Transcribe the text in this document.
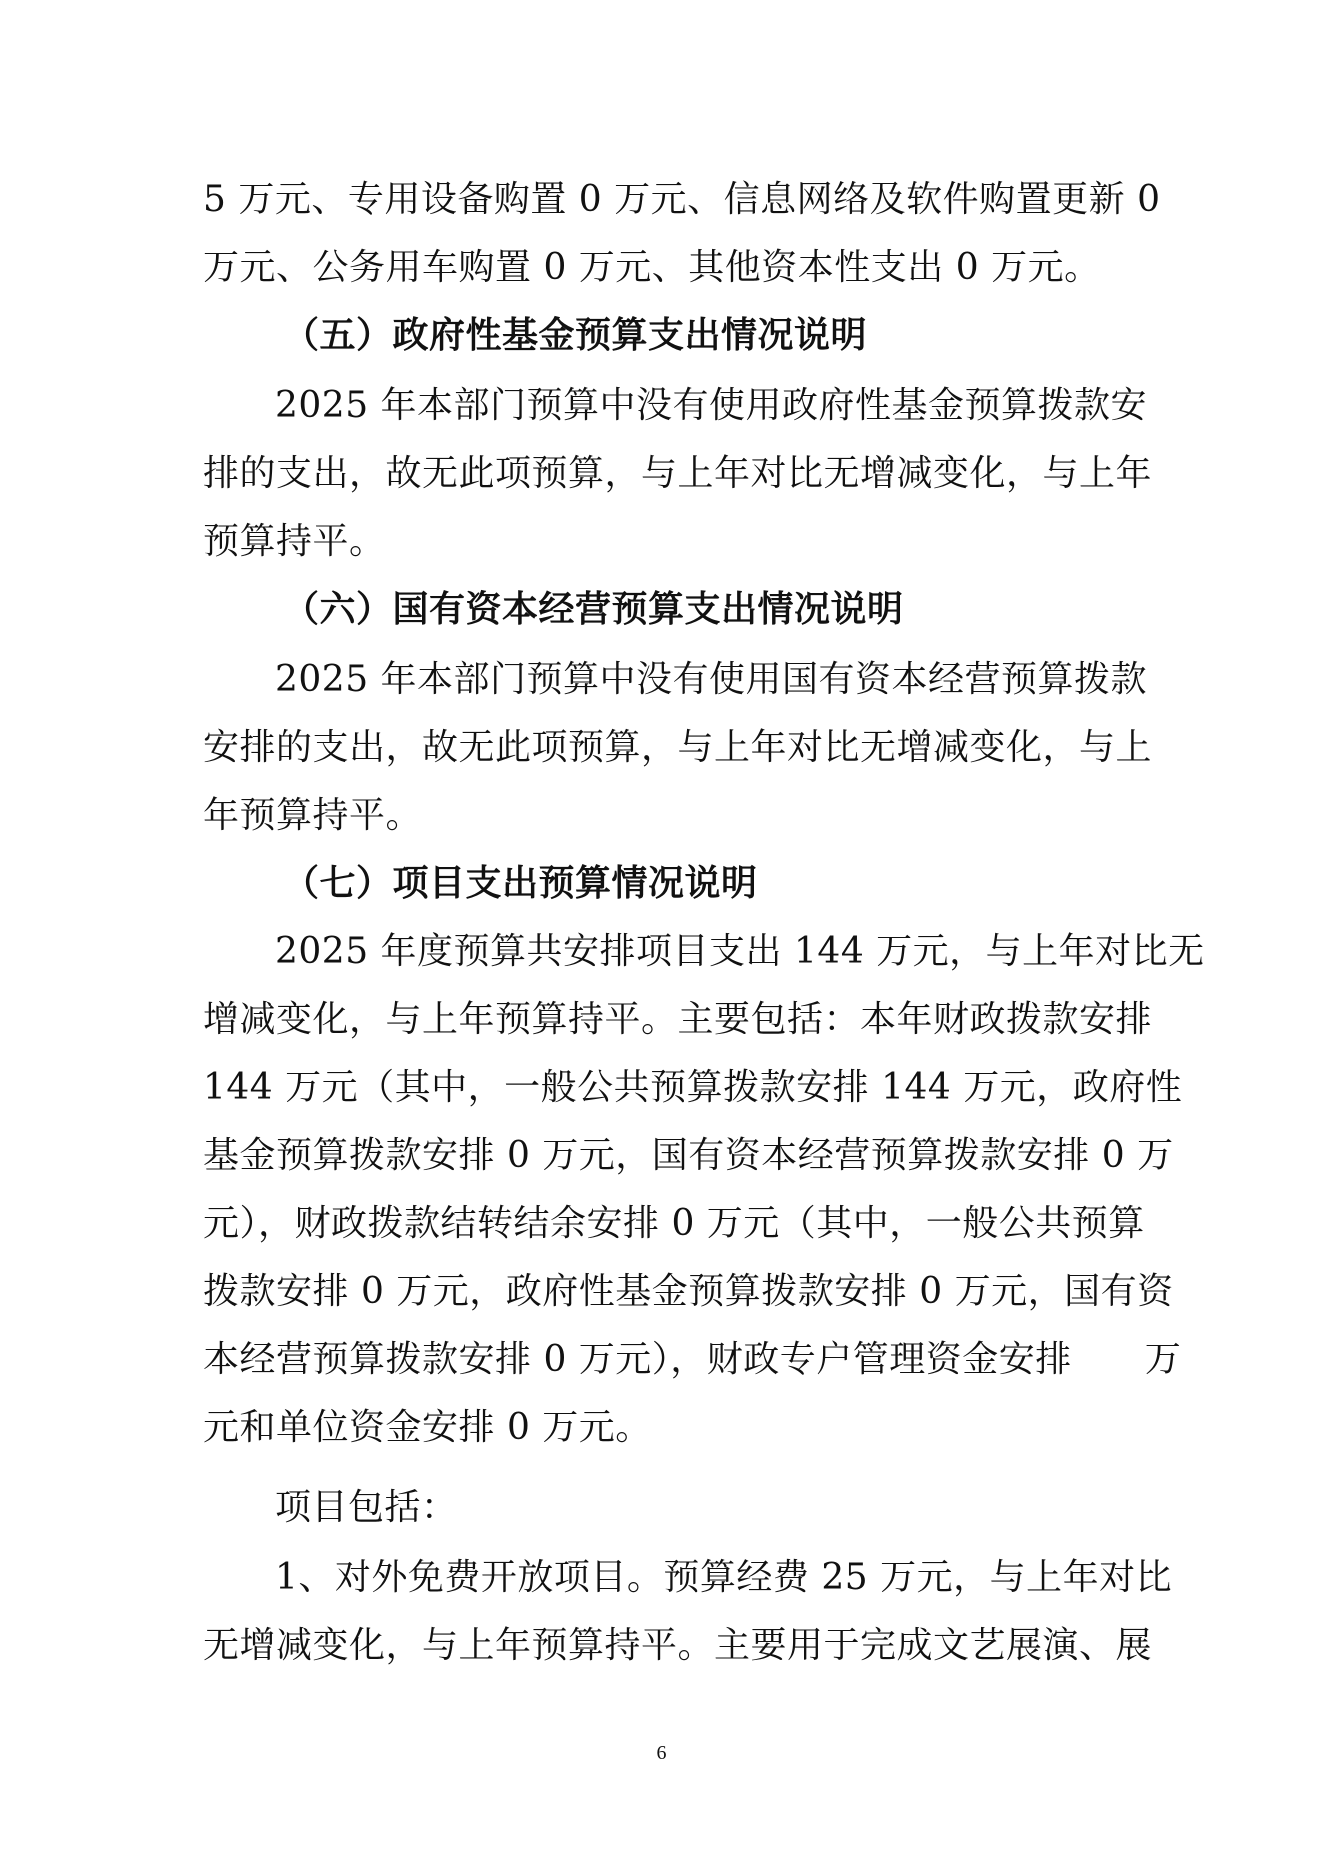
5 万元、专用设备购置 0 万元、信息网络及软件购置更新 0
万元、公务用车购置 0 万元、其他资本性支出 0 万元。
（五）政府性基金预算支出情况说明
2025 年本部门预算中没有使用政府性基金预算拨款安
排的支出，故无此项预算，与上年对比无增减变化，与上年
预算持平。
（六）国有资本经营预算支出情况说明
2025 年本部门预算中没有使用国有资本经营预算拨款
安排的支出，故无此项预算，与上年对比无增减变化，与上
年预算持平。
（七）项目支出预算情况说明
2025 年度预算共安排项目支出 144 万元，与上年对比无
增减变化，与上年预算持平。主要包括：本年财政拨款安排
144 万元（其中，一般公共预算拨款安排 144 万元，政府性
基金预算拨款安排 0 万元，国有资本经营预算拨款安排 0 万
元），财政拨款结转结余安排 0 万元（其中，一般公共预算
拨款安排 0 万元，政府性基金预算拨款安排 0 万元，国有资
本经营预算拨款安排 0 万元），财政专户管理资金安排　　万
元和单位资金安排 0 万元。
项目包括：
1、对外免费开放项目。预算经费 25 万元，与上年对比
无增减变化，与上年预算持平。主要用于完成文艺展演、展
6
